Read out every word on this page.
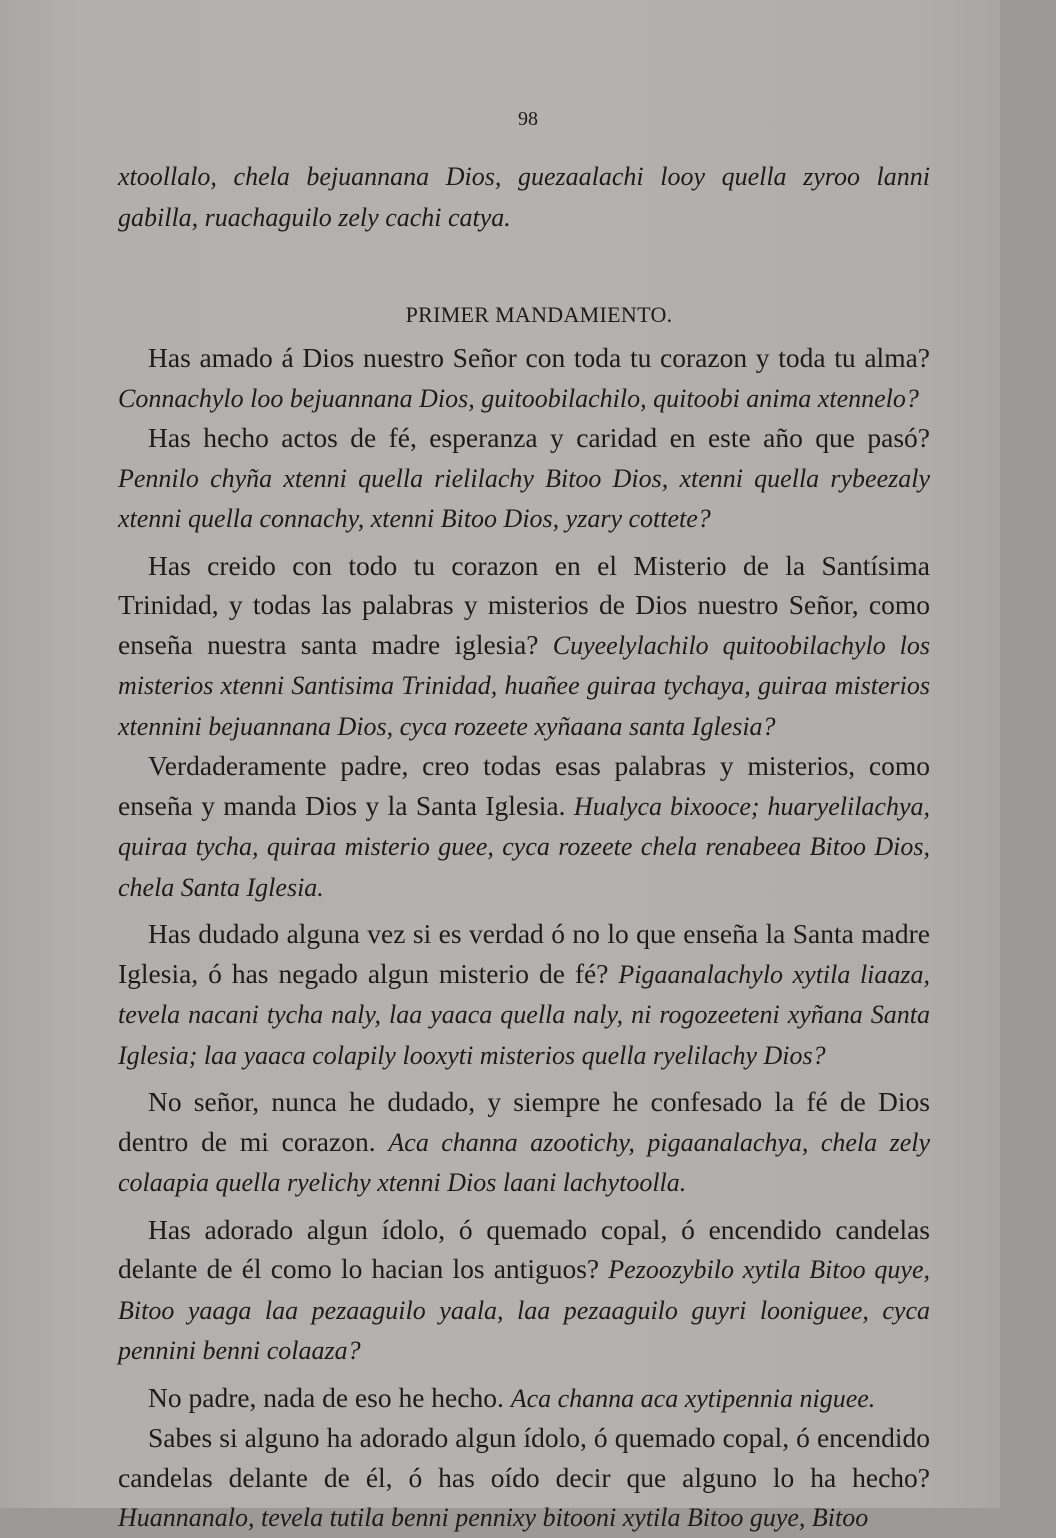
98

xtoollalo, chela bejuannana Dios, guezaalachi looy quella zyroo lanni gabilla, ruachaguilo zely cachi catya.

PRIMER MANDAMIENTO.

Has amado á Dios nuestro Señor con toda tu corazon y toda tu alma? Connachylo loo bejuannana Dios, guitoobilachilo, quitoobi anima xtennelo?

Has hecho actos de fé, esperanza y caridad en este año que pasó? Pennilo chyña xtenni quella rielilachy Bitoo Dios, xtenni quella rybeezaly xtenni quella connachy, xtenni Bitoo Dios, yzary cottete?

Has creido con todo tu corazon en el Misterio de la Santísima Trinidad, y todas las palabras y misterios de Dios nuestro Señor, como enseña nuestra santa madre iglesia? Cuyeelylachilo quitoobilachylo los misterios xtenni Santisima Trinidad, huañee guiraa tychaya, guiraa misterios xtennini bejuannana Dios, cyca rozeete xyñaana santa Iglesia?

Verdaderamente padre, creo todas esas palabras y misterios, como enseña y manda Dios y la Santa Iglesia. Hualyca bixooce; huaryelilachya, quiraa tycha, quiraa misterio guee, cyca rozeete chela renabeea Bitoo Dios, chela Santa Iglesia.

Has dudado alguna vez si es verdad ó no lo que enseña la Santa madre Iglesia, ó has negado algun misterio de fé? Pigaanalachylo xytila liaaza, tevela nacani tycha naly, laa yaaca quella naly, ni rogozeeteni xyñana Santa Iglesia; laa yaaca colapily looxyti misterios quella ryelilachy Dios?

No señor, nunca he dudado, y siempre he confesado la fé de Dios dentro de mi corazon. Aca channa azootichy, pigaanalachya, chela zely colaapia quella ryelichy xtenni Dios laani lachytoolla.

Has adorado algun ídolo, ó quemado copal, ó encendido candelas delante de él como lo hacian los antiguos? Pezoozybilo xytila Bitoo quye, Bitoo yaaga laa pezaaguilo yaala, laa pezaaguilo guyri looniguee, cyca pennini benni colaaza?

No padre, nada de eso he hecho. Aca channa aca xytipennia niguee.

Sabes si alguno ha adorado algun ídolo, ó quemado copal, ó encendido candelas delante de él, ó has oído decir que alguno lo ha hecho? Huannanalo, tevela tutila benni pennixy bitooni xytila Bitoo guye, Bitoo
